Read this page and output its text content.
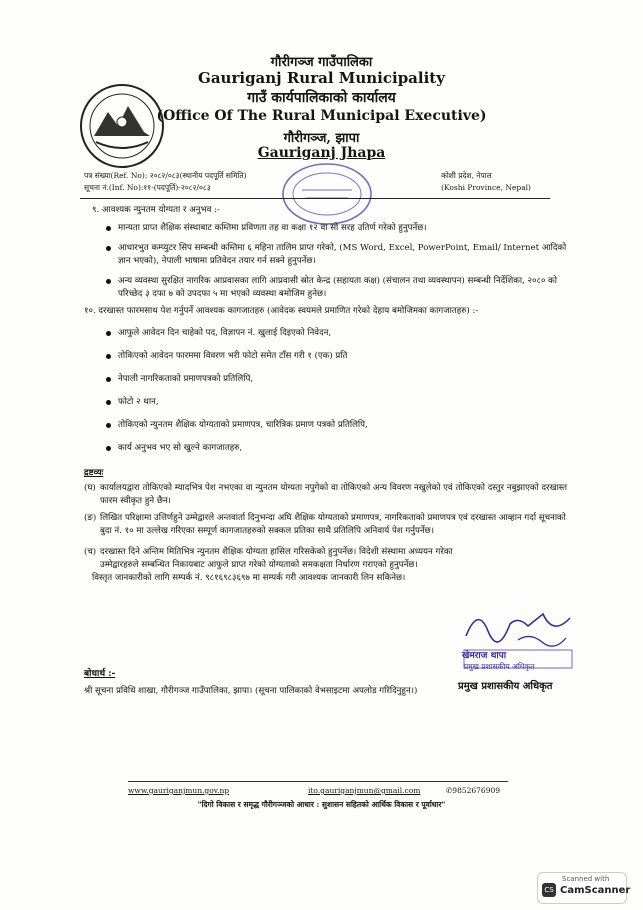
गौरीगञ्ज गाउँपालिका
Gauriganj Rural Municipality
गाउँ कार्यपालिकाको कार्यालय
(Office Of The Rural Municipal Executive)
गौरीगञ्ज, झापा
Gauriganj Jhapa
पत्र संख्या(Ref. No): २०८२/०८३(स्थानीय पदपूर्ति समिति)
सूचना नं.(Inf. No):११-(पदपूर्ति)-२०८२/०८३
कोशी प्रदेश, नेपाल
(Koshi Province, Nepal)

९. आवश्यक न्युनतम योग्यता र अनुभव :-

मान्यता प्राप्त शैक्षिक संस्थाबाट कम्तिमा प्रविणता तह वा कक्षा १२ वा सो सरह उतिर्ण गरेको हुनुपर्नेछ।

आधारभुत कम्प्युटर सिप सम्बन्धी कम्तिमा ६ महिना तालिम प्राप्त गरेको, (MS Word, Excel, PowerPoint, Email/ Internet आदिको ज्ञान भएको), नेपाली भाषामा प्रतिवेदन तयार गर्न सक्ने हुनुपर्नेछ।

अन्य व्यवस्था सुरक्षित नागरिक आप्रवासका लागि आप्रवासी स्रोत केन्द्र (सहायता कक्ष) (संचालन तथा व्यवस्थापन) सम्बन्धी निर्देशिका, २०८० को परिच्छेद ३ दफा ७ को उपदफा ५ मा भएको व्यवस्था बमोजिम हुनेछ।

१०. दरखास्त फारमसाथ पेश गर्नुपर्ने आवश्यक कागजातहरु (आवेदक स्वयमले प्रमाणित गरेको देहाय बमोजिमका कागजातहरु) :-

आफुले आवेदन दिन चाहेको पद, विज्ञापन नं. खुलाई दिइएको निवेदन,

तोकिएको आवेदन फारममा विवरण भरी फोटो समेत टाँस गरी १ (एक) प्रति

नेपाली नागरिकताको प्रमाणपत्रको प्रतिलिपि,

फोटो २ थान,

तोकिएको न्युनतम शैक्षिक योग्यताको प्रमाणपत्र, चारित्रिक प्रमाण पत्रको प्रतिलिपि,

कार्य अनुभव भए सो खुल्ने कागजातहरु,

द्रष्टव्यः

(घ) कार्यालयद्वारा तोकिएको म्यादभित्र पेश नभएका वा न्युनतम योग्यता नपुगेको वा तोकिएको अन्य विवरण नखुलेको एवं तोकिएको दस्तुर नबुझाएको दरखास्त फारम स्वीकृत हुने छैन।

(ङ) लिखित परिक्षामा उत्तिर्णहुने उम्मेद्वारले अन्तवार्ता दिनुभन्दा अघि शैक्षिक योग्यताको प्रमाणपत्र, नागरिकताको प्रमाणपत्र एवं दरखास्त आव्हान गर्दा सूचनाको बुदा नं. १० मा उल्लेख गरिएका सम्पूर्ण कागजातहरुको सक्कल प्रतिका साथै प्रतिलिपि अनिवार्य पेश गर्नुपर्नेछ।

(च) दरखास्त दिने अन्तिम मितिभित्र न्युनतम शैक्षिक योग्यता हासिल गरिसकेको हुनुपर्नेछ। विदेशी संस्थामा अध्ययन गरेका उम्मेद्वारहरुले सम्बन्धित निकायबाट आफुले प्राप्त गरेको योग्यताको समकक्षता निर्धारण गराएको हुनुपर्नेछ।

विस्तृत जानकारीको लागि सम्पर्क नं. ९८१६९८३६९७ मा सम्पर्क गरी आवश्यक जानकारी लिन सकिनेछ।

खेमराज थापा
प्रमुख प्रशासकीय अधिकृत
प्रमुख प्रशासकीय अधिकृत
बोधार्थ :-
श्री सूचना प्रविधि शाखा, गौरीगञ्ज गाउँपालिका, झापा। (सूचना पालिकाको वेभसाइटमा अपलोड गरिदिनुहुन।)
www.gauriganjmun.gov.np	ito.gauriganjmun@gmail.com	✆9852676909
"दिगो विकास र समृद्ध गौरीगञ्जको आधार : सुशासन सहितको आर्थिक विकास र पूर्वाधार"
CS
Scanned with
CamScanner
